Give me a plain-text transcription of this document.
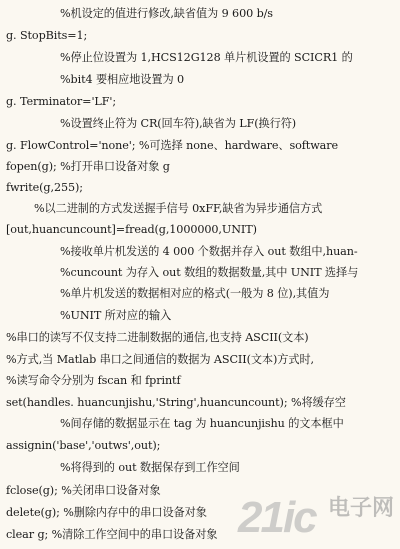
%机设定的值进行修改,缺省值为 9 600 b/s
g. StopBits=1;
%停止位设置为 1,HCS12G128 单片机设置的 SCICR1 的
%bit4 要相应地设置为 0
g. Terminator='LF';
%设置终止符为 CR(回车符),缺省为 LF(换行符)
g. FlowControl='none'; %可选择 none、hardware、software
fopen(g); %打开串口设备对象 g
fwrite(g,255);
%以二进制的方式发送握手信号 0xFF,缺省为异步通信方式
[out,huancuncount]=fread(g,1000000,UNIT)
%接收单片机发送的 4 000 个数据并存入 out 数组中,huan-
%cuncount 为存入 out 数组的数据数量,其中 UNIT 选择与
%单片机发送的数据相对应的格式(一般为 8 位),其值为
%UNIT 所对应的输入
%串口的读写不仅支持二进制数据的通信,也支持 ASCII(文本)
%方式,当 Matlab 串口之间通信的数据为 ASCII(文本)方式时,
%读写命令分别为 fscan 和 fprintf
set(handles. huancunjishu,'String',huancuncount); %将缓存空
%间存储的数据显示在 tag 为 huancunjishu 的文本框中
assignin('base','outws',out);
%将得到的 out 数据保存到工作空间
fclose(g); %关闭串口设备对象
delete(g); %删除内存中的串口设备对象
clear g; %清除工作空间中的串口设备对象 21ic 电子网
